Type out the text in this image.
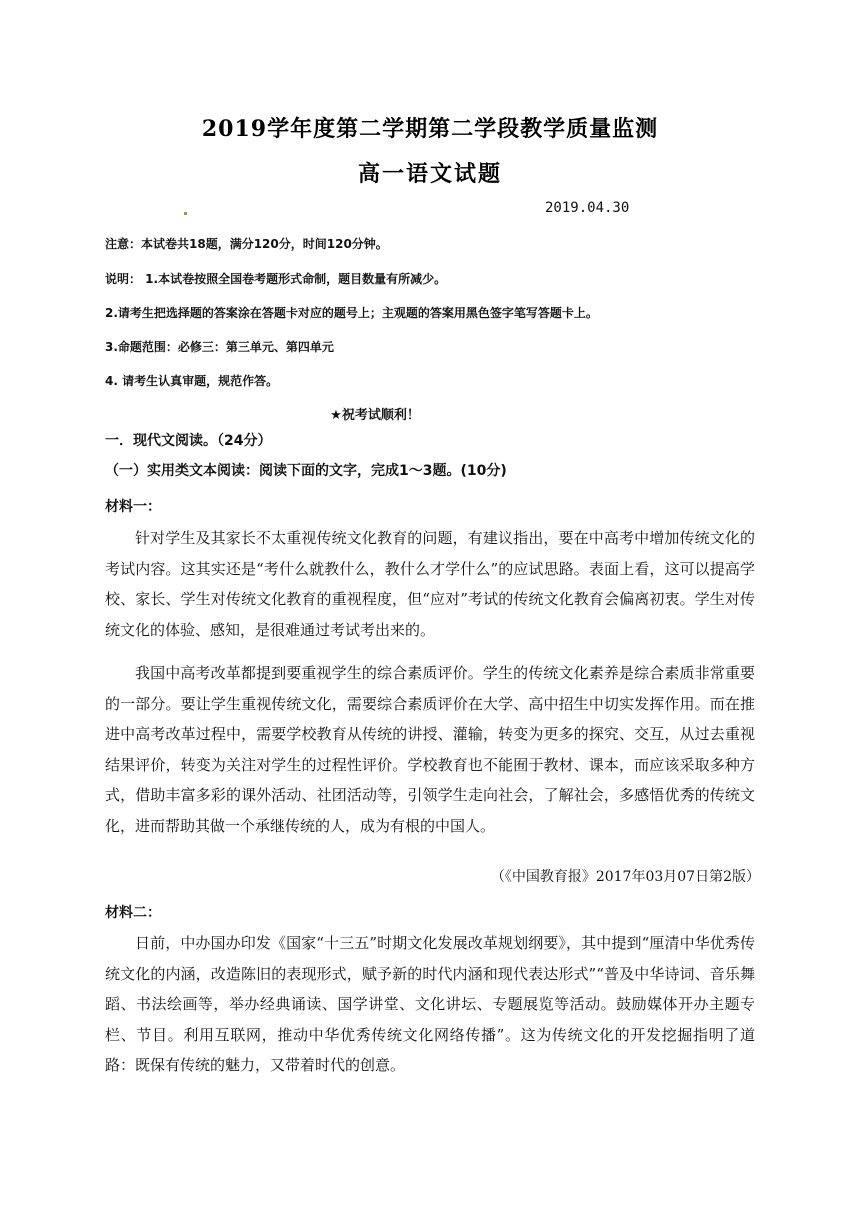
2019学年度第二学期第二学段教学质量监测
高一语文试题
2019.04.30
注意：本试卷共18题，满分120分，时间120分钟。
说明： 1.本试卷按照全国卷考题形式命制，题目数量有所减少。
2.请考生把选择题的答案涂在答题卡对应的题号上；主观题的答案用黑色签字笔写答题卡上。
3.命题范围：必修三：第三单元、第四单元
4. 请考生认真审题，规范作答。
★祝考试顺利！
一．现代文阅读。（24分）
（一）实用类文本阅读：阅读下面的文字，完成1～3题。(10分)
材料一：

针对学生及其家长不太重视传统文化教育的问题，有建议指出，要在中高考中增加传统文化的考试内容。这其实还是“考什么就教什么，教什么才学什么”的应试思路。表面上看，这可以提高学校、家长、学生对传统文化教育的重视程度，但“应对”考试的传统文化教育会偏离初衷。学生对传统文化的体验、感知，是很难通过考试考出来的。

我国中高考改革都提到要重视学生的综合素质评价。学生的传统文化素养是综合素质非常重要的一部分。要让学生重视传统文化，需要综合素质评价在大学、高中招生中切实发挥作用。而在推进中高考改革过程中，需要学校教育从传统的讲授、灌输，转变为更多的探究、交互，从过去重视结果评价，转变为关注对学生的过程性评价。学校教育也不能囿于教材、课本，而应该采取多种方式，借助丰富多彩的课外活动、社团活动等，引领学生走向社会，了解社会，多感悟优秀的传统文化，进而帮助其做一个承继传统的人，成为有根的中国人。

（《中国教育报》2017年03月07日第2版）
材料二：

日前，中办国办印发《国家“十三五”时期文化发展改革规划纲要》，其中提到“厘清中华优秀传统文化的内涵，改造陈旧的表现形式，赋予新的时代内涵和现代表达形式”“普及中华诗词、音乐舞蹈、书法绘画等，举办经典诵读、国学讲堂、文化讲坛、专题展览等活动。鼓励媒体开办主题专栏、节目。利用互联网，推动中华优秀传统文化网络传播”。这为传统文化的开发挖掘指明了道路：既保有传统的魅力，又带着时代的创意。
